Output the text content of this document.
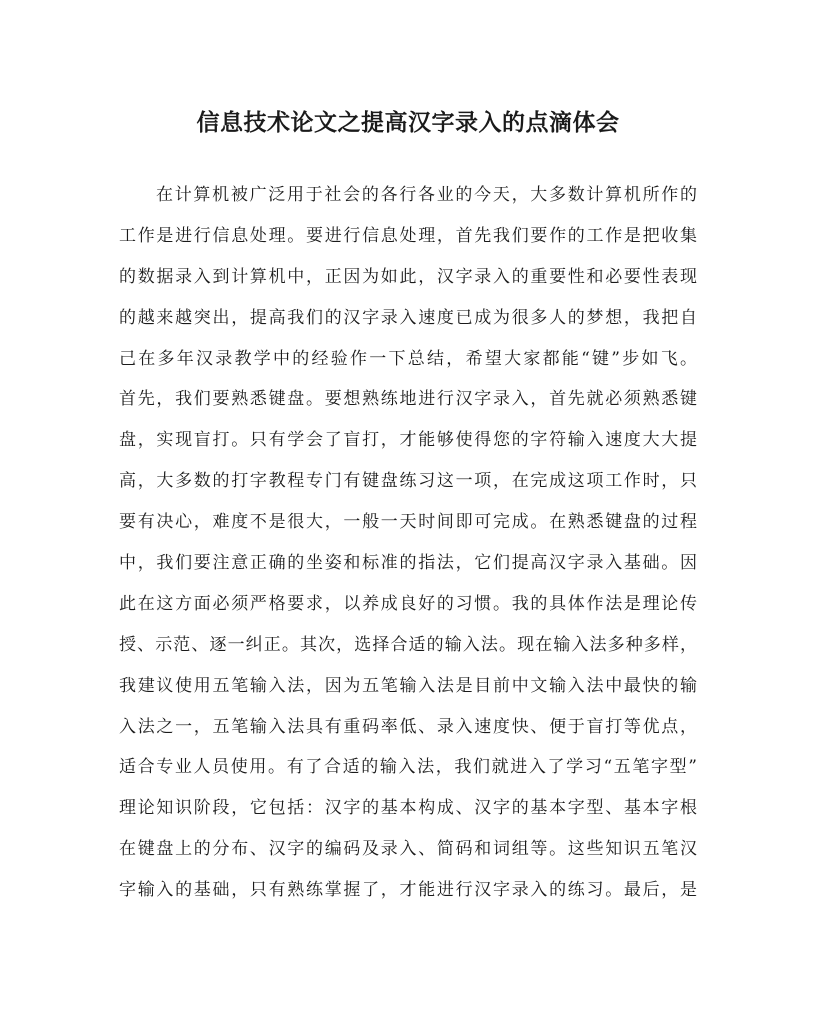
信息技术论文之提高汉字录入的点滴体会
在计算机被广泛用于社会的各行各业的今天，大多数计算机所作的
工作是进行信息处理。要进行信息处理，首先我们要作的工作是把收集
的数据录入到计算机中，正因为如此，汉字录入的重要性和必要性表现
的越来越突出，提高我们的汉字录入速度已成为很多人的梦想，我把自
己在多年汉录教学中的经验作一下总结，希望大家都能“键”步如飞。
首先，我们要熟悉键盘。要想熟练地进行汉字录入，首先就必须熟悉键
盘，实现盲打。只有学会了盲打，才能够使得您的字符输入速度大大提
高，大多数的打字教程专门有键盘练习这一项，在完成这项工作时，只
要有决心，难度不是很大，一般一天时间即可完成。在熟悉键盘的过程
中，我们要注意正确的坐姿和标准的指法，它们提高汉字录入基础。因
此在这方面必须严格要求，以养成良好的习惯。我的具体作法是理论传
授、示范、逐一纠正。其次，选择合适的输入法。现在输入法多种多样，
我建议使用五笔输入法，因为五笔输入法是目前中文输入法中最快的输
入法之一，五笔输入法具有重码率低、录入速度快、便于盲打等优点，
适合专业人员使用。有了合适的输入法，我们就进入了学习“五笔字型”
理论知识阶段，它包括：汉字的基本构成、汉字的基本字型、基本字根
在键盘上的分布、汉字的编码及录入、简码和词组等。这些知识五笔汉
字输入的基础，只有熟练掌握了，才能进行汉字录入的练习。最后，是
